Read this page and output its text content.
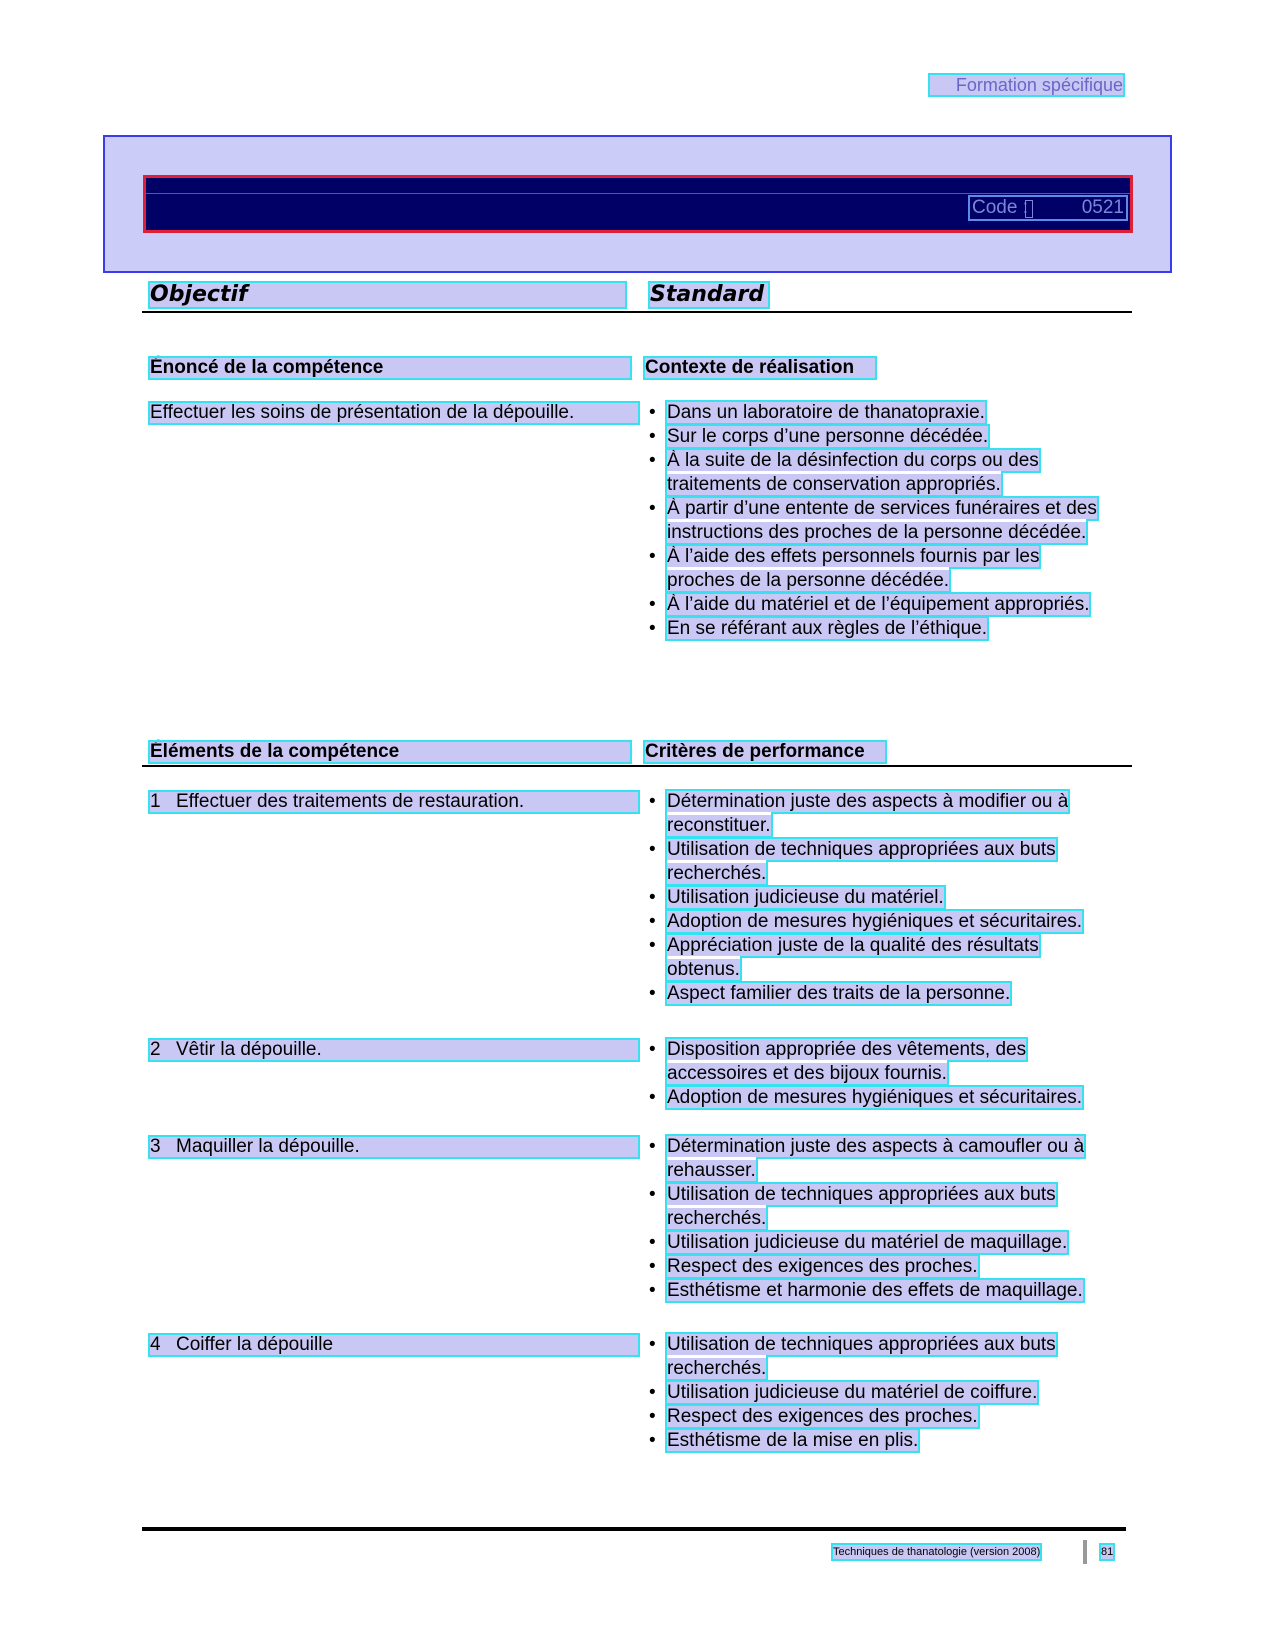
Formation spécifique
Code :	0521
Objectif	Standard
Énoncé de la compétence	Contexte de réalisation
Effectuer les soins de présentation de la dépouille.	• Dans un laboratoire de thanatopraxie.
• Sur le corps d’une personne décédée.
• À la suite de la désinfection du corps ou des traitements de conservation appropriés.
• À partir d’une entente de services funéraires et des instructions des proches de la personne décédée.
• À l’aide des effets personnels fournis par les proches de la personne décédée.
• À l’aide du matériel et de l’équipement appropriés.
• En se référant aux règles de l’éthique.
Éléments de la compétence	Critères de performance
1 Effectuer des traitements de restauration.	• Détermination juste des aspects à modifier ou à reconstituer.
• Utilisation de techniques appropriées aux buts recherchés.
• Utilisation judicieuse du matériel.
• Adoption de mesures hygiéniques et sécuritaires.
• Appréciation juste de la qualité des résultats obtenus.
• Aspect familier des traits de la personne.
2 Vêtir la dépouille.	• Disposition appropriée des vêtements, des accessoires et des bijoux fournis.
• Adoption de mesures hygiéniques et sécuritaires.
3 Maquiller la dépouille.	• Détermination juste des aspects à camoufler ou à rehausser.
• Utilisation de techniques appropriées aux buts recherchés.
• Utilisation judicieuse du matériel de maquillage.
• Respect des exigences des proches.
• Esthétisme et harmonie des effets de maquillage.
4 Coiffer la dépouille	• Utilisation de techniques appropriées aux buts recherchés.
• Utilisation judicieuse du matériel de coiffure.
• Respect des exigences des proches.
• Esthétisme de la mise en plis.
Techniques de thanatologie (version 2008)	81
